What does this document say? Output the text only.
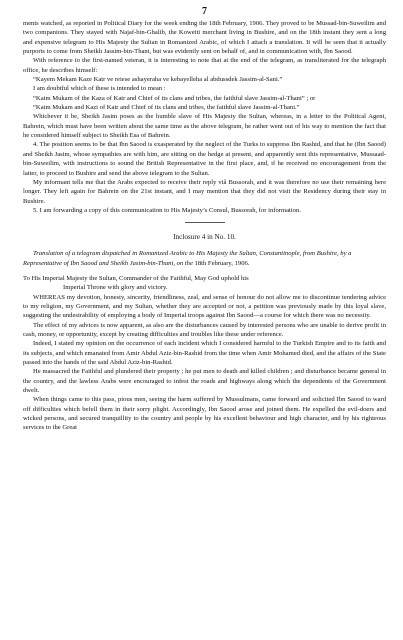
7

ments watched, as reported in Political Diary for the week ending the 18th February, 1906. They proved to be Mussad-bin-Suweilim and two companions. They stayed with Najaf-bin-Ghalib, the Koweiti merchant living in Bushire, and on the 18th instant they sent a long and expensive telegram to His Majesty the Sultan in Romanized Arabic, of which I attach a translation. It will be seen that it actually purports to come from Sheikh Jassim-bin-Thani, but was evidently sent on behalf of, and in communication with, Ibn Saood.

With reference to the first-named veteran, it is interesting to note that at the end of the telegram, as transliterated for the telegraph office, he describes himself:

“Kayem Mekam Kaze Katr ve reiese ashayeraha ve kebayelleha al abdussdek Jassim-al-Sani.”

I am doubtful which of these is intended to mean :

“Kaim Mukam of the Kaza of Katr and Chief of its clans and tribes, the faithful slave Jassim-al-Thani” ; or

“Kaim Mukam and Kazi of Katr and Chief of its clans and tribes, the faithful slave Jassim-al-Thani.”

Whichever it be, Sheikh Jasim poses as the humble slave of His Majesty the Sultan, whereas, in a letter to the Political Agent, Bahrein, which must have been written about the same time as the above telegram, he rather went out of his way to mention the fact that he considered himself subject to Sheikh Esa of Bahrein.

4. The position seems to be that Ibn Saood is exasperated by the neglect of the Turks to suppress Ibn Rashid, and that he (Ibn Saood) and Sheikh Jasim, whose sympathies are with him, are sitting on the hedge at present, and apparently sent this representative, Mussaad-bin-Suweilim, with instructions to sound the British Representative in the first place, and, if he received no encouragement from the latter, to proceed to Bushire and send the above telegram to the Sultan.

My informant tells me that the Arabs expected to receive their reply viâ Bussorah, and it was therefore no use their remaining here longer. They left again for Bahrein on the 21st instant, and I may mention that they did not visit the Residency during their stay in Bushire.

5. I am forwarding a copy of this communication to His Majesty’s Consul, Bussorah, for information.

Inclosure 4 in No. 10.
Translation of a telegram dispatched in Romanized Arabic to His Majesty the Sultan, Constantinople, from Bushire, by a Representative of Ibn Saood and Sheikh Jasim-bin-Thani, on the 18th February, 1906.

To His Imperial Majesty the Sultan, Commander of the Faithful, May God uphold his

Imperial Throne with glory and victory.

WHEREAS my devotion, honesty, sincerity, friendliness, zeal, and sense of honour do not allow me to discontinue tendering advice to my religion, my Government, and my Sultan, whether they are accepted or not, a petition was previously made by this loyal slave, suggesting the undesirability of employing a body of Imperial troops against Ibn Saood—a course for which there was no necessity.

The effect of my advices is now apparent, as also are the disturbances caused by interested persons who are unable to derive profit in cash, money, or opportunity, except by creating difficulties and troubles like these under reference.

Indeed, I stated my opinion on the occurrence of each incident which I considered harmful to the Turkish Empire and to its faith and its subjects, and which emanated from Amir Abdul Aziz-bin-Rashid from the time when Amir Mohamed died, and the affairs of the State passed into the hands of the said Abdul Aziz-bin-Rashid.

He massacred the Faithful and plundered their property ; he put men to death and killed children ; and disturbance became general in the country, and the lawless Arabs were encouraged to infest the roads and highways along which the dependents of the Government dwelt.

When things came to this pass, pious men, seeing the harm suffered by Mussulmans, came forward and solicited Ibn Saood to ward off difficulties which befell them in their sorry plight. Accordingly, Ibn Saood arose and joined them. He expelled the evil-doers and wicked persons, and secured tranquillity to the country and people by his excellent behaviour and high character, and by his righteous services to the Great
